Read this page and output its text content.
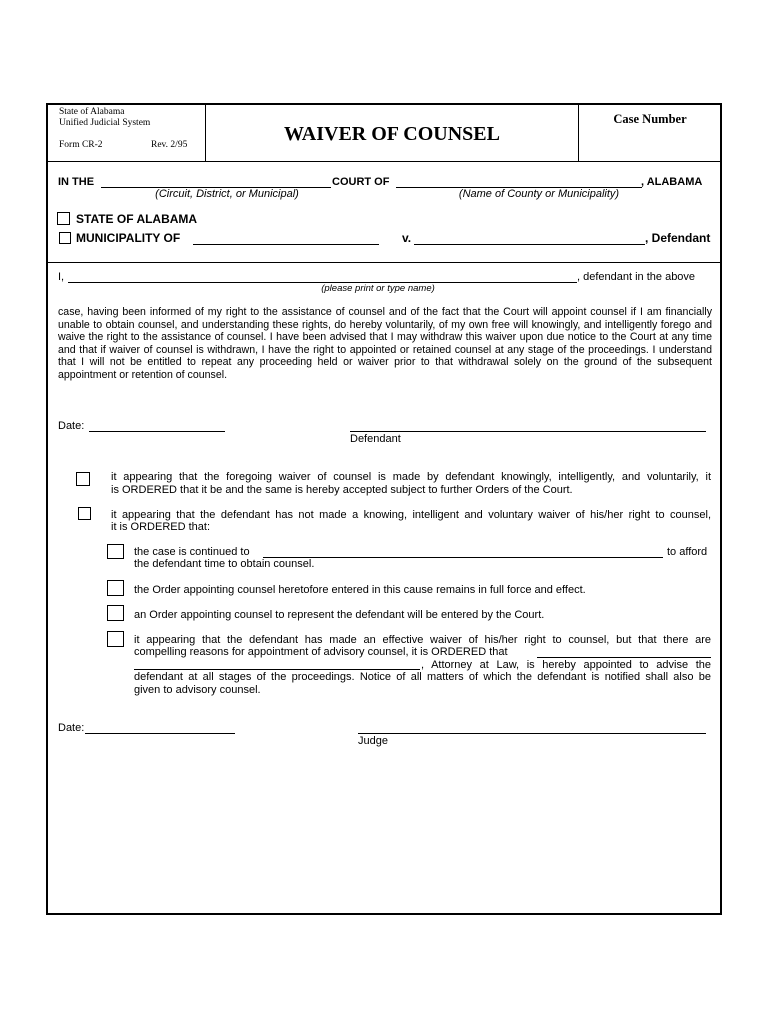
State of Alabama
Unified Judicial System
Form CR-2	Rev. 2/95	WAIVER OF COUNSEL
Case Number
IN THE	COURT OF	, ALABAMA
(Circuit, District, or Municipal)	(Name of County or Municipality)
STATE OF ALABAMA
MUNICIPALITY OF	v.	, Defendant
I,	, defendant in the above
(please print or type name)
case, having been informed of my right to the assistance of counsel and of the fact that the Court will appoint counsel if I am financially unable to obtain counsel, and understanding these rights, do hereby voluntarily, of my own free will knowingly, and intelligently forego and waive the right to the assistance of counsel. I have been advised that I may withdraw this waiver upon due notice to the Court at any time and that if waiver of counsel is withdrawn, I have the right to appointed or retained counsel at any stage of the proceedings. I understand that I will not be entitled to repeat any proceeding held or waiver prior to that withdrawal solely on the ground of the subsequent appointment or retention of counsel.
Date:
Defendant
it appearing that the foregoing waiver of counsel is made by defendant knowingly, intelligently, and voluntarily, it
is ORDERED that it be and the same is hereby accepted subject to further Orders of the Court.
it appearing that the defendant has not made a knowing, intelligent and voluntary waiver of his/her right to counsel,
it is ORDERED that:
the case is continued to	to afford
the defendant time to obtain counsel.
the Order appointing counsel heretofore entered in this cause remains in full force and effect.
an Order appointing counsel to represent the defendant will be entered by the Court.
it appearing that the defendant has made an effective waiver of his/her right to counsel, but that there are
compelling reasons for appointment of advisory counsel, it is ORDERED that
, Attorney at Law, is hereby appointed to advise the
defendant at all stages of the proceedings. Notice of all matters of which the defendant is notified shall also be
given to advisory counsel.
Date:
Judge
